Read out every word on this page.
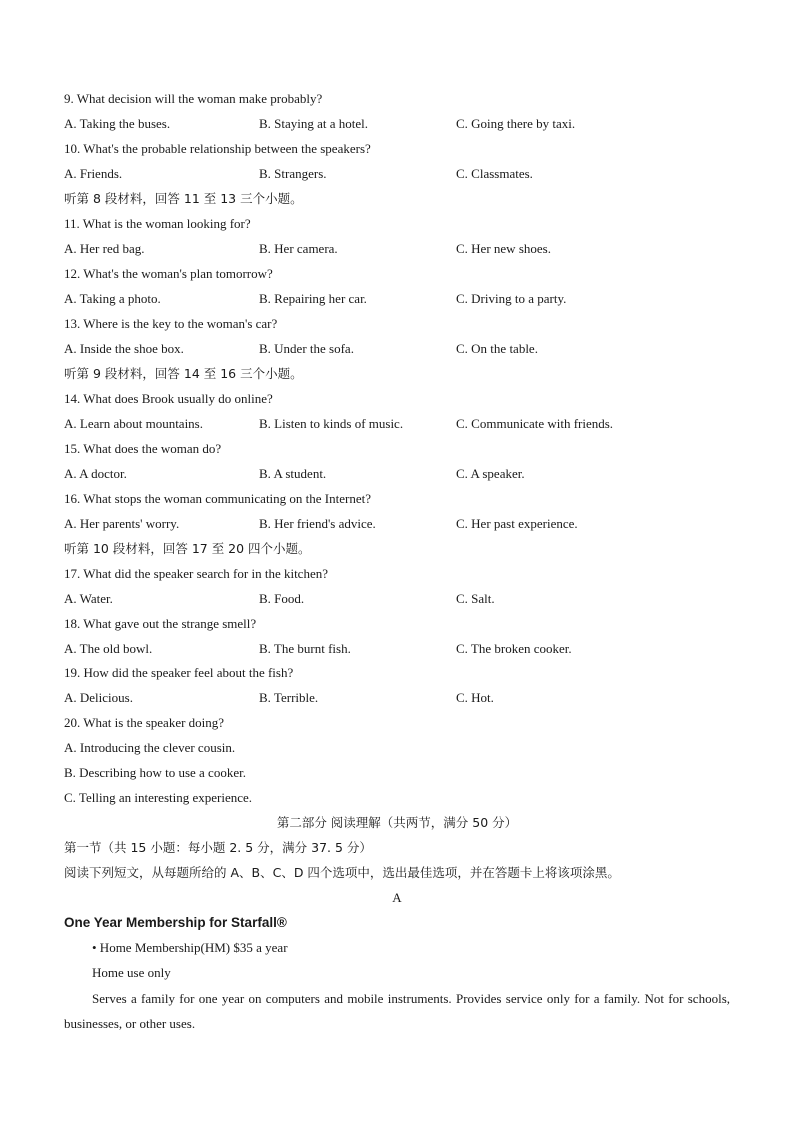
9. What decision will the woman make probably?
A. Taking the buses.	B. Staying at a hotel.	C. Going there by taxi.
10. What's the probable relationship between the speakers?
A. Friends.	B. Strangers.	C. Classmates.
听第 8 段材料，回答 11 至 13 三个小题。
11. What is the woman looking for?
A. Her red bag.	B. Her camera.	C. Her new shoes.
12. What's the woman's plan tomorrow?
A. Taking a photo.	B. Repairing her car.	C. Driving to a party.
13. Where is the key to the woman's car?
A. Inside the shoe box.	B. Under the sofa.	C. On the table.
听第 9 段材料，回答 14 至 16 三个小题。
14. What does Brook usually do online?
A. Learn about mountains.	B. Listen to kinds of music.	C. Communicate with friends.
15. What does the woman do?
A. A doctor.	B. A student.	C. A speaker.
16. What stops the woman communicating on the Internet?
A. Her parents' worry.	B. Her friend's advice.	C. Her past experience.
听第 10 段材料，回答 17 至 20 四个小题。
17. What did the speaker search for in the kitchen?
A. Water.	B. Food.	C. Salt.
18. What gave out the strange smell?
A. The old bowl.	B. The burnt fish.	C. The broken cooker.
19. How did the speaker feel about the fish?
A. Delicious.	B. Terrible.	C. Hot.
20. What is the speaker doing?
A. Introducing the clever cousin.
B. Describing how to use a cooker.
C. Telling an interesting experience.
第二部分 阅读理解（共两节，满分 50 分）
第一节（共 15 小题：每小题 2. 5 分，满分 37. 5 分）
阅读下列短文，从每题所给的 A、B、C、D 四个选项中，选出最佳选项，并在答题卡上将该项涂黑。
A
One Year Membership for Starfall®
• Home Membership(HM) $35 a year
Home use only
Serves a family for one year on computers and mobile instruments. Provides service only for a family. Not for schools, businesses, or other uses.
